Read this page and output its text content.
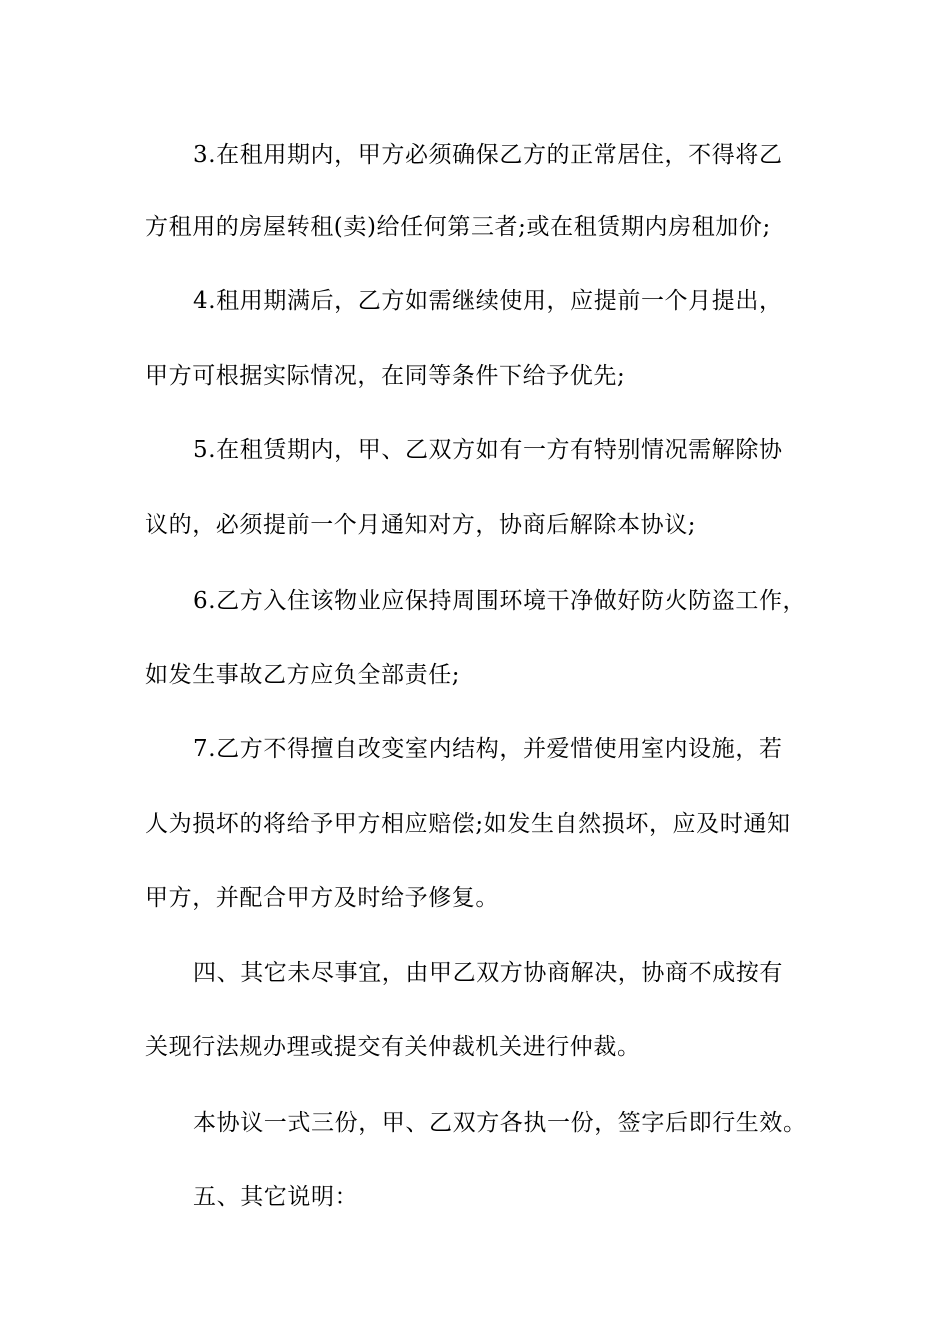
3.在租用期内，甲方必须确保乙方的正常居住，不得将乙
方租用的房屋转租(卖)给任何第三者;或在租赁期内房租加价;
4.租用期满后，乙方如需继续使用，应提前一个月提出，
甲方可根据实际情况，在同等条件下给予优先;
5.在租赁期内，甲、乙双方如有一方有特别情况需解除协
议的，必须提前一个月通知对方，协商后解除本协议;
6.乙方入住该物业应保持周围环境干净做好防火防盗工作，
如发生事故乙方应负全部责任;
7.乙方不得擅自改变室内结构，并爱惜使用室内设施，若
人为损坏的将给予甲方相应赔偿;如发生自然损坏，应及时通知
甲方，并配合甲方及时给予修复。
四、其它未尽事宜，由甲乙双方协商解决，协商不成按有
关现行法规办理或提交有关仲裁机关进行仲裁。
本协议一式三份，甲、乙双方各执一份，签字后即行生效。
五、其它说明：
